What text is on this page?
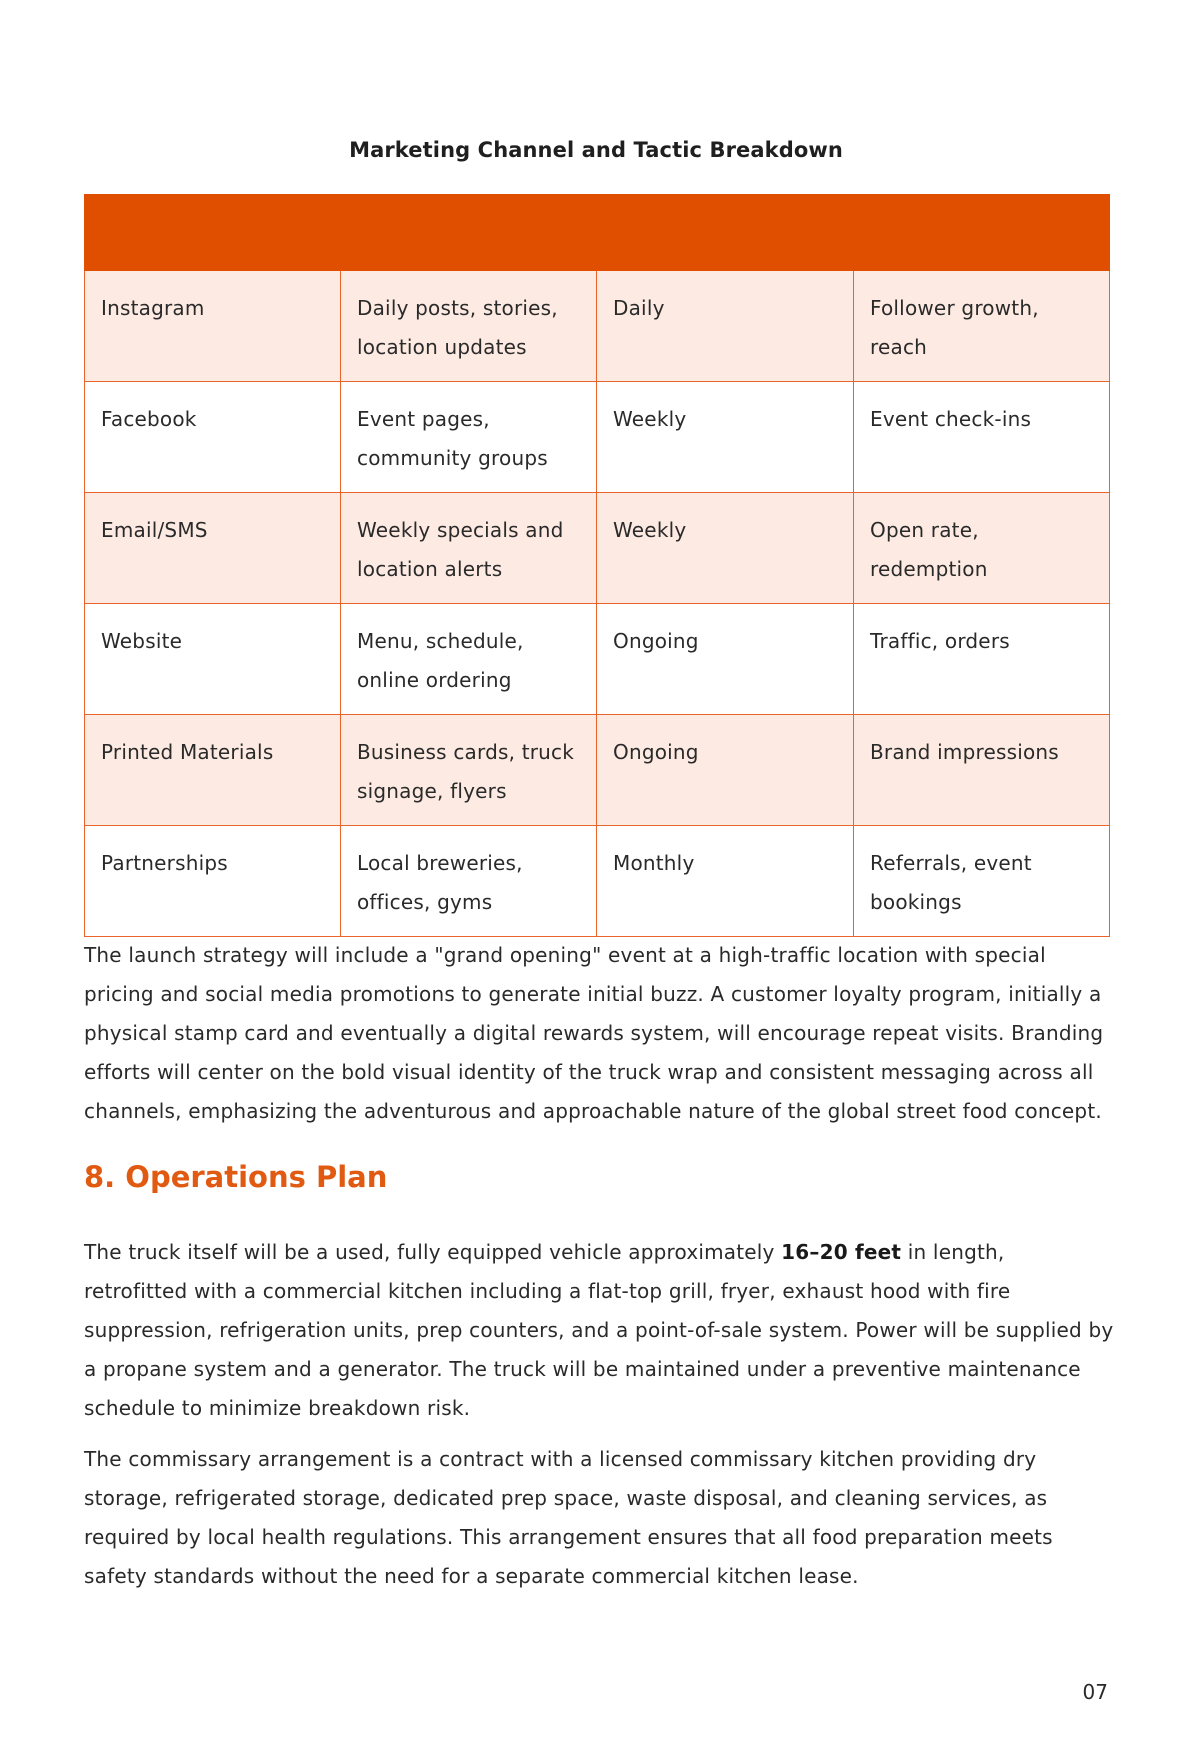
Marketing Channel and Tactic Breakdown

Instagram	Daily posts, stories, location updates	Daily	Follower growth, reach
Facebook	Event pages, community groups	Weekly	Event check-ins
Email/SMS	Weekly specials and location alerts	Weekly	Open rate, redemption
Website	Menu, schedule, online ordering	Ongoing	Traffic, orders
Printed Materials	Business cards, truck signage, flyers	Ongoing	Brand impressions
Partnerships	Local breweries, offices, gyms	Monthly	Referrals, event bookings

The launch strategy will include a "grand opening" event at a high-traffic location with special pricing and social media promotions to generate initial buzz. A customer loyalty program, initially a physical stamp card and eventually a digital rewards system, will encourage repeat visits. Branding efforts will center on the bold visual identity of the truck wrap and consistent messaging across all channels, emphasizing the adventurous and approachable nature of the global street food concept.

8. Operations Plan

The truck itself will be a used, fully equipped vehicle approximately 16–20 feet in length, retrofitted with a commercial kitchen including a flat-top grill, fryer, exhaust hood with fire suppression, refrigeration units, prep counters, and a point-of-sale system. Power will be supplied by a propane system and a generator. The truck will be maintained under a preventive maintenance schedule to minimize breakdown risk.

The commissary arrangement is a contract with a licensed commissary kitchen providing dry storage, refrigerated storage, dedicated prep space, waste disposal, and cleaning services, as required by local health regulations. This arrangement ensures that all food preparation meets safety standards without the need for a separate commercial kitchen lease.

07
